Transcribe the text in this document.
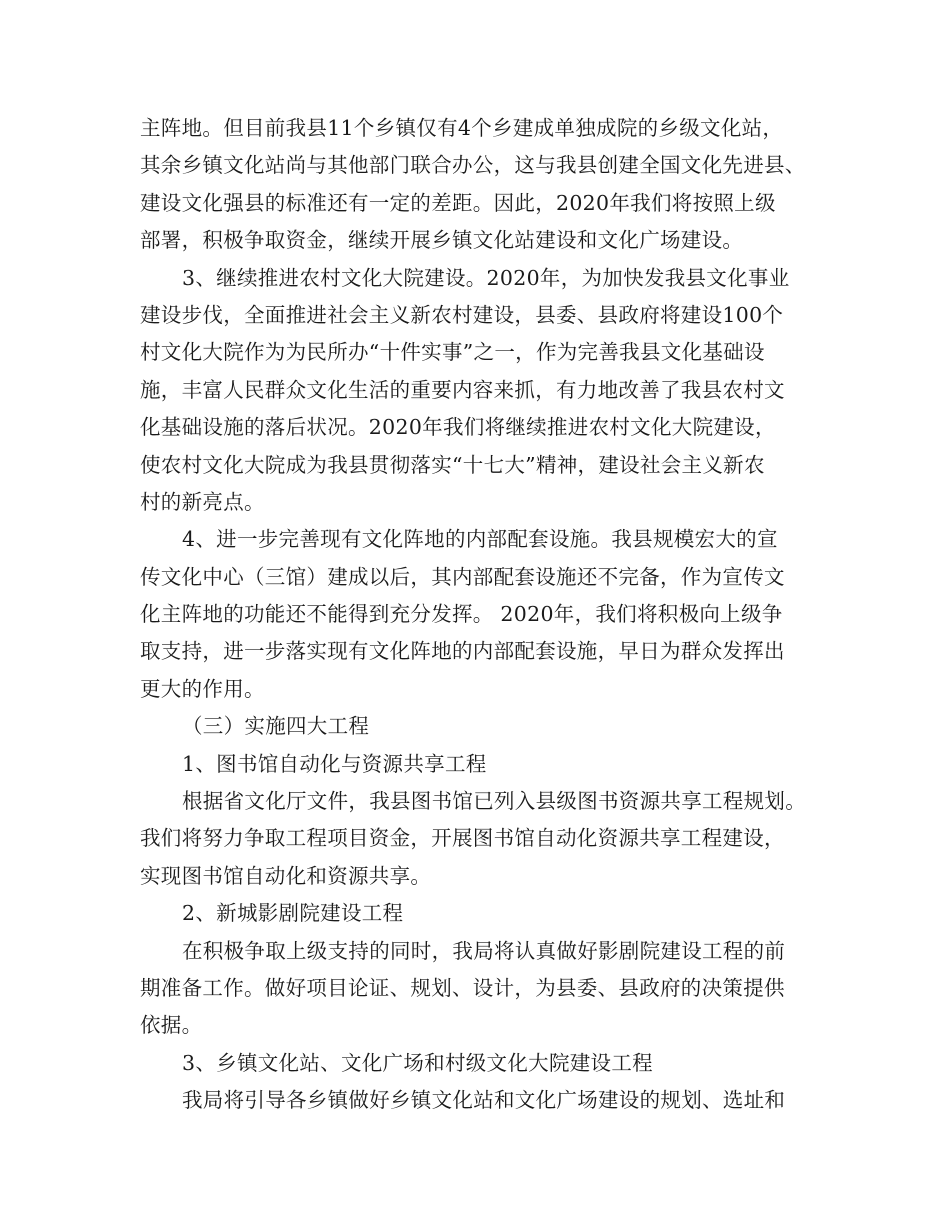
主阵地。但目前我县11个乡镇仅有4个乡建成单独成院的乡级文化站，
其余乡镇文化站尚与其他部门联合办公，这与我县创建全国文化先进县、
建设文化强县的标准还有一定的差距。因此，2020年我们将按照上级
部署，积极争取资金，继续开展乡镇文化站建设和文化广场建设。
3、继续推进农村文化大院建设。2020年，为加快发我县文化事业
建设步伐，全面推进社会主义新农村建设，县委、县政府将建设100个
村文化大院作为为民所办“十件实事”之一，作为完善我县文化基础设
施，丰富人民群众文化生活的重要内容来抓，有力地改善了我县农村文
化基础设施的落后状况。2020年我们将继续推进农村文化大院建设，
使农村文化大院成为我县贯彻落实“十七大”精神，建设社会主义新农
村的新亮点。
4、进一步完善现有文化阵地的内部配套设施。我县规模宏大的宣
传文化中心（三馆）建成以后，其内部配套设施还不完备，作为宣传文
化主阵地的功能还不能得到充分发挥。 2020年，我们将积极向上级争
取支持，进一步落实现有文化阵地的内部配套设施，早日为群众发挥出
更大的作用。
（三）实施四大工程
1、图书馆自动化与资源共享工程
根据省文化厅文件，我县图书馆已列入县级图书资源共享工程规划。
我们将努力争取工程项目资金，开展图书馆自动化资源共享工程建设，
实现图书馆自动化和资源共享。
2、新城影剧院建设工程
在积极争取上级支持的同时，我局将认真做好影剧院建设工程的前
期准备工作。做好项目论证、规划、设计，为县委、县政府的决策提供
依据。
3、乡镇文化站、文化广场和村级文化大院建设工程
我局将引导各乡镇做好乡镇文化站和文化广场建设的规划、选址和
